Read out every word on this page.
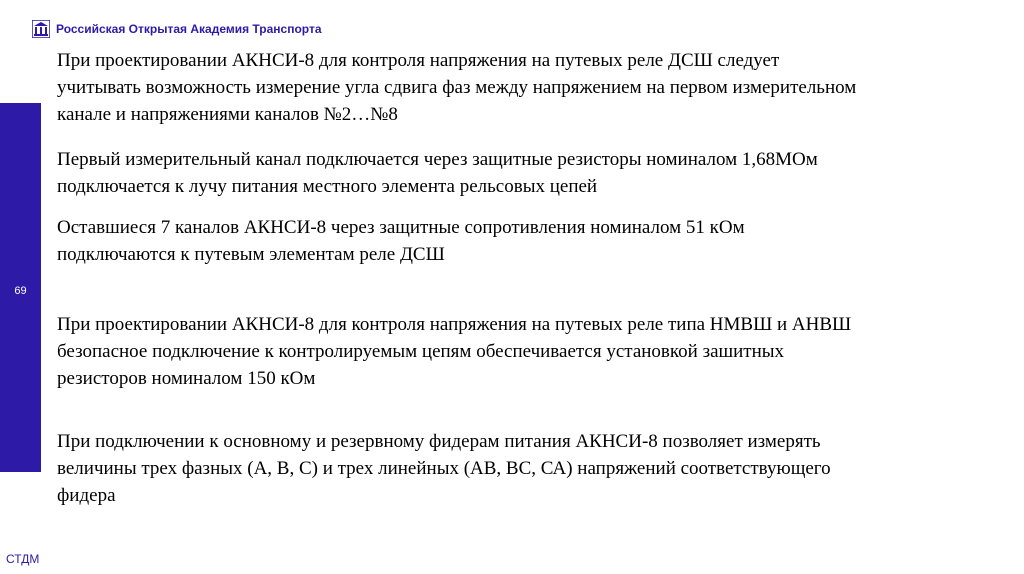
Российская Открытая Академия Транспорта
69

При проектировании АКНСИ-8 для контроля напряжения на путевых реле ДСШ следует
учитывать возможность измерение угла сдвига фаз между напряжением на первом измерительном
канале и напряжениями каналов №2…№8

Первый измерительный канал подключается через защитные резисторы номиналом 1,68МОм
подключается к лучу питания местного элемента рельсовых цепей

Оставшиеся 7 каналов АКНСИ-8 через защитные сопротивления номиналом 51 кОм
подключаются к путевым элементам реле ДСШ

При проектировании АКНСИ-8 для контроля напряжения на путевых реле типа НМВШ и АНВШ
безопасное подключение к контролируемым цепям обеспечивается установкой зашитных
резисторов номиналом 150 кОм

При подключении к основному и резервному фидерам питания АКНСИ-8 позволяет измерять
величины трех фазных (А, В, С) и трех линейных (АВ, ВС, СА) напряжений соответствующего
фидера

СТДМ
